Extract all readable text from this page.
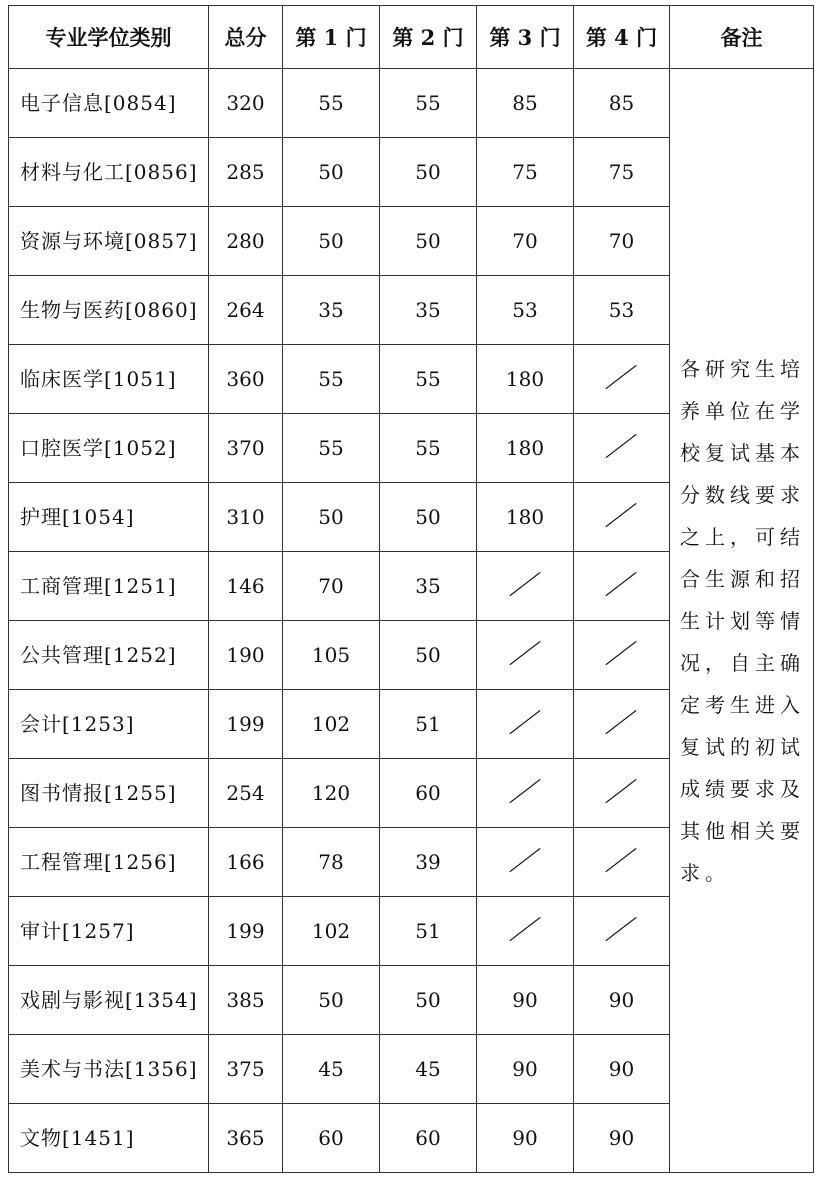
专业学位类别	总分	第 1 门	第 2 门	第 3 门	第 4 门	备注
电子信息[0854]	320	55	55	85	85	各研究生培养单位在学校复试基本分数线要求之上，可结合生源和招生计划等情况，自主确定考生进入复试的初试成绩要求及其他相关要求。
材料与化工[0856]	285	50	50	75	75	
资源与环境[0857]	280	50	50	70	70	
生物与医药[0860]	264	35	35	53	53	
临床医学[1051]	360	55	55	180	／	
口腔医学[1052]	370	55	55	180	／	
护理[1054]	310	50	50	180	／	
工商管理[1251]	146	70	35	／	／	
公共管理[1252]	190	105	50	／	／	
会计[1253]	199	102	51	／	／	
图书情报[1255]	254	120	60	／	／	
工程管理[1256]	166	78	39	／	／	
审计[1257]	199	102	51	／	／	
戏剧与影视[1354]	385	50	50	90	90	
美术与书法[1356]	375	45	45	90	90	
文物[1451]	365	60	60	90	90	
